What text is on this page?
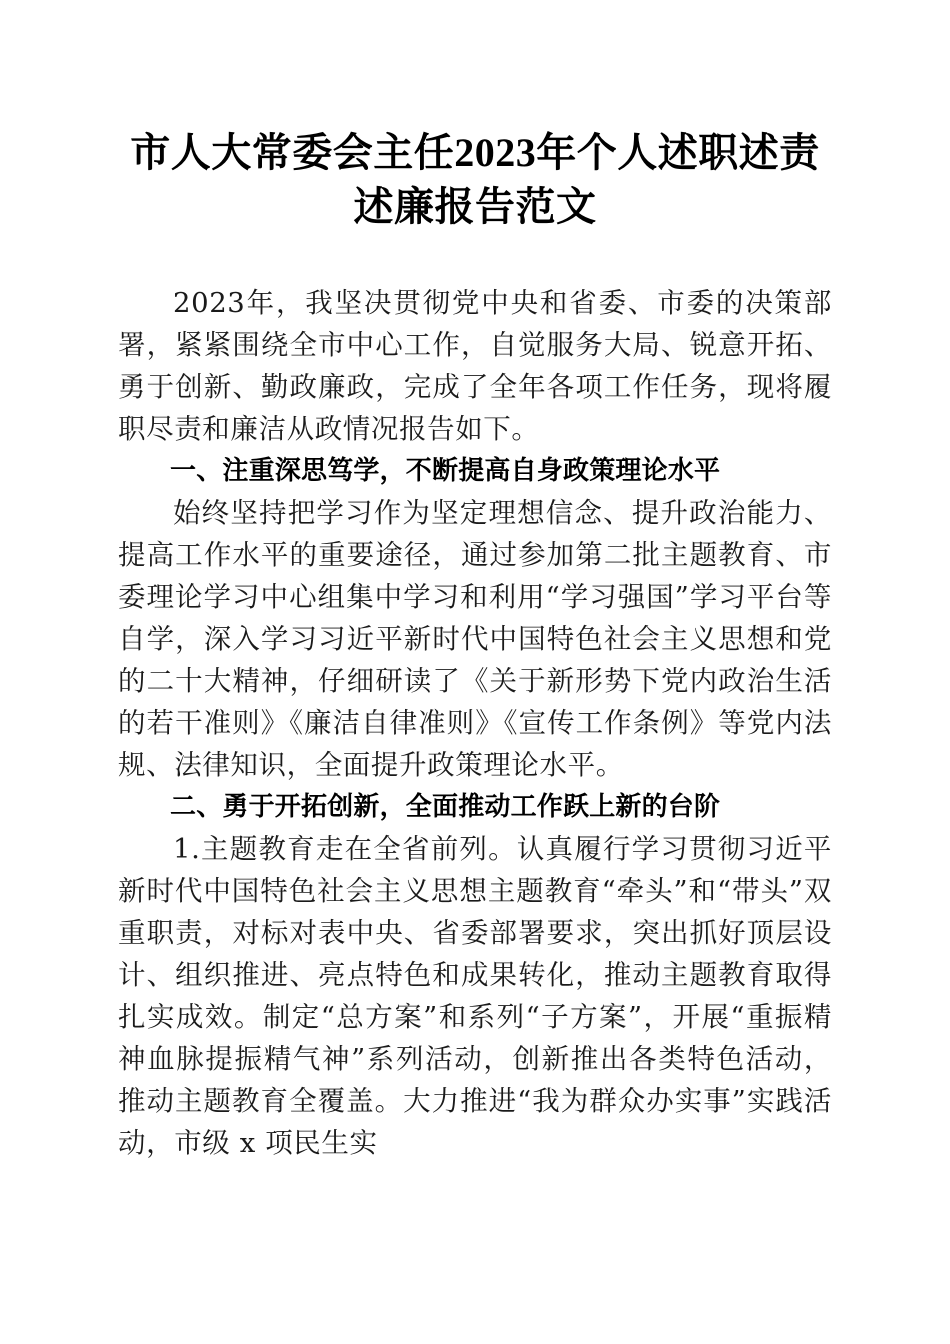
市人大常委会主任2023年个人述职述责述廉报告范文

2023年，我坚决贯彻党中央和省委、市委的决策部署，紧紧围绕全市中心工作，自觉服务大局、锐意开拓、勇于创新、勤政廉政，完成了全年各项工作任务，现将履职尽责和廉洁从政情况报告如下。

一、注重深思笃学，不断提高自身政策理论水平

始终坚持把学习作为坚定理想信念、提升政治能力、提高工作水平的重要途径，通过参加第二批主题教育、市委理论学习中心组集中学习和利用“学习强国”学习平台等自学，深入学习习近平新时代中国特色社会主义思想和党的二十大精神，仔细研读了《关于新形势下党内政治生活的若干准则》《廉洁自律准则》《宣传工作条例》等党内法规、法律知识，全面提升政策理论水平。

二、勇于开拓创新，全面推动工作跃上新的台阶

1.主题教育走在全省前列。认真履行学习贯彻习近平新时代中国特色社会主义思想主题教育“牵头”和“带头”双重职责，对标对表中央、省委部署要求，突出抓好顶层设计、组织推进、亮点特色和成果转化，推动主题教育取得扎实成效。制定“总方案”和系列“子方案”，开展“重振精神血脉提振精气神”系列活动，创新推出各类特色活动，推动主题教育全覆盖。大力推进“我为群众办实事”实践活动，市级 x 项民生实
